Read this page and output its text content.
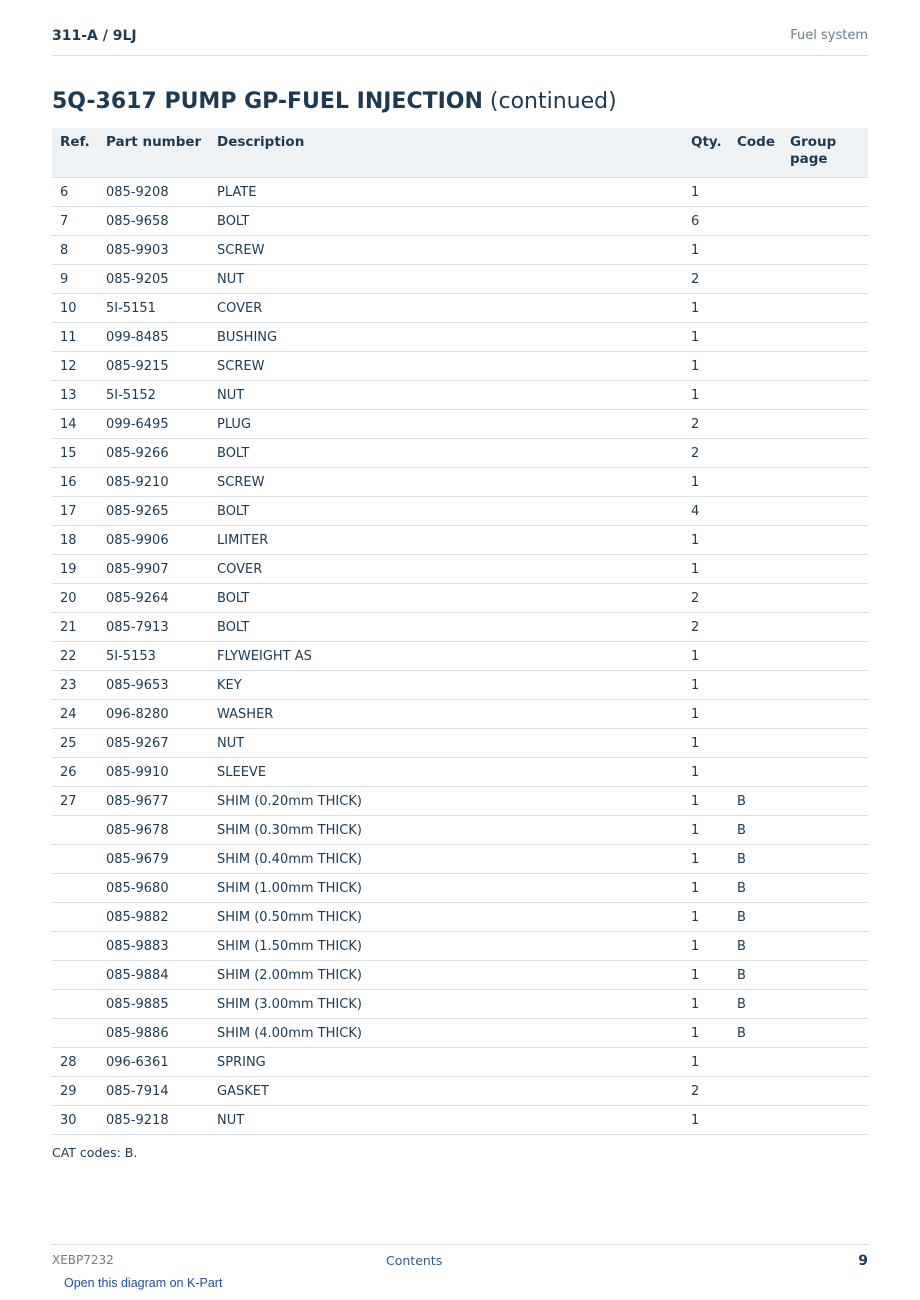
311-A / 9LJ	Fuel system
5Q-3617 PUMP GP-FUEL INJECTION (continued)
Ref.	Part number	Description	Qty.	Code	Group page
6	085-9208	PLATE	1		
7	085-9658	BOLT	6		
8	085-9903	SCREW	1		
9	085-9205	NUT	2		
10	5I-5151	COVER	1		
11	099-8485	BUSHING	1		
12	085-9215	SCREW	1		
13	5I-5152	NUT	1		
14	099-6495	PLUG	2		
15	085-9266	BOLT	2		
16	085-9210	SCREW	1		
17	085-9265	BOLT	4		
18	085-9906	LIMITER	1		
19	085-9907	COVER	1		
20	085-9264	BOLT	2		
21	085-7913	BOLT	2		
22	5I-5153	FLYWEIGHT AS	1		
23	085-9653	KEY	1		
24	096-8280	WASHER	1		
25	085-9267	NUT	1		
26	085-9910	SLEEVE	1		
27	085-9677	SHIM (0.20mm THICK)	1	B	
	085-9678	SHIM (0.30mm THICK)	1	B	
	085-9679	SHIM (0.40mm THICK)	1	B	
	085-9680	SHIM (1.00mm THICK)	1	B	
	085-9882	SHIM (0.50mm THICK)	1	B	
	085-9883	SHIM (1.50mm THICK)	1	B	
	085-9884	SHIM (2.00mm THICK)	1	B	
	085-9885	SHIM (3.00mm THICK)	1	B	
	085-9886	SHIM (4.00mm THICK)	1	B	
28	096-6361	SPRING	1		
29	085-7914	GASKET	2		
30	085-9218	NUT	1		
CAT codes: B.
XEBP7232	Contents	9
Open this diagram on K-Part
